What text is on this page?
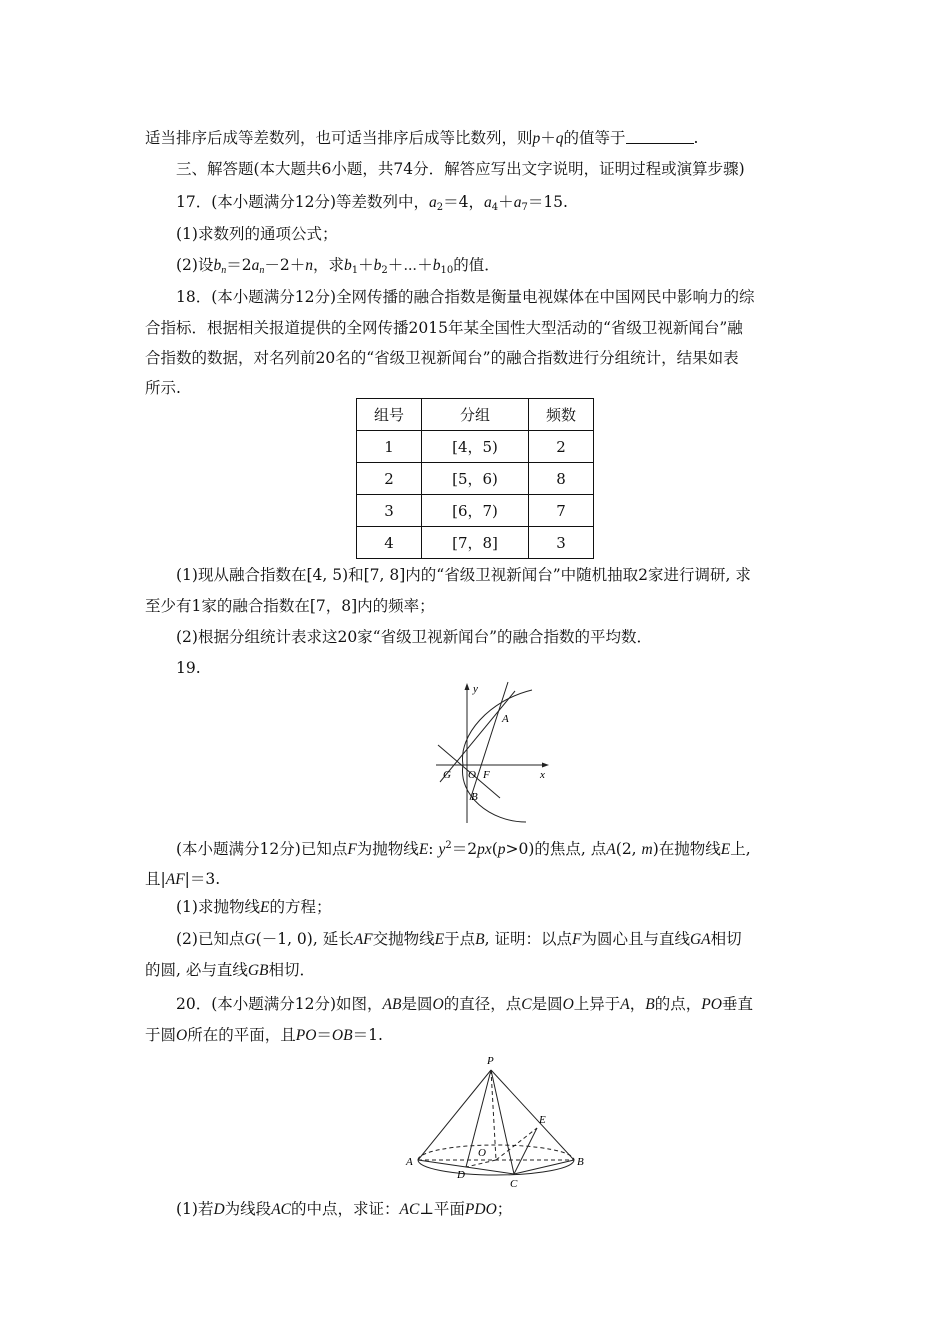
适当排序后成等差数列，也可适当排序后成等比数列，则p＋q的值等于	.
三、解答题(本大题共6小题，共74分．解答应写出文字说明，证明过程或演算步骤)
17．(本小题满分12分)等差数列中，$a_2=4$，$a_4+a_7=15$.
(1)求数列的通项公式；
(2)设$b_n=2a_n-2+n$，求$b_1+b_2+\cdots+b_{10}$的值．
18．(本小题满分12分)全网传播的融合指数是衡量电视媒体在中国网民中影响力的综
合指标．根据相关报道提供的全网传播2015年某全国性大型活动的“省级卫视新闻台”融
合指数的数据，对名列前20名的“省级卫视新闻台”的融合指数进行分组统计，结果如表
所示.
组号	分组	频数
1	[4，5)	2
2	[5，6)	8
3	[6，7)	7
4	[7，8]	3
(1)现从融合指数在[4, 5)和[7, 8]内的“省级卫视新闻台”中随机抽取2家进行调研, 求
至少有1家的融合指数在[7，8]内的频率；
(2)根据分组统计表求这20家“省级卫视新闻台”的融合指数的平均数．
19.
y
x
A
B
G O F
(本小题满分12分)已知点F为抛物线E: $y^2=2px(p>0)$的焦点, 点A(2, m)在抛物线E上,
且|AF|＝3.
(1)求抛物线E的方程；
(2)已知点G(－1, 0), 延长AF交抛物线E于点B, 证明：以点F为圆心且与直线GA相切
的圆, 必与直线GB相切．
20．(本小题满分12分)如图，AB是圆O的直径，点C是圆O上异于A，B的点，PO垂直
于圆O所在的平面，且PO＝OB＝1.
P
E
A	B
O
D
C
(1)若D为线段AC的中点，求证：AC⊥平面PDO；
